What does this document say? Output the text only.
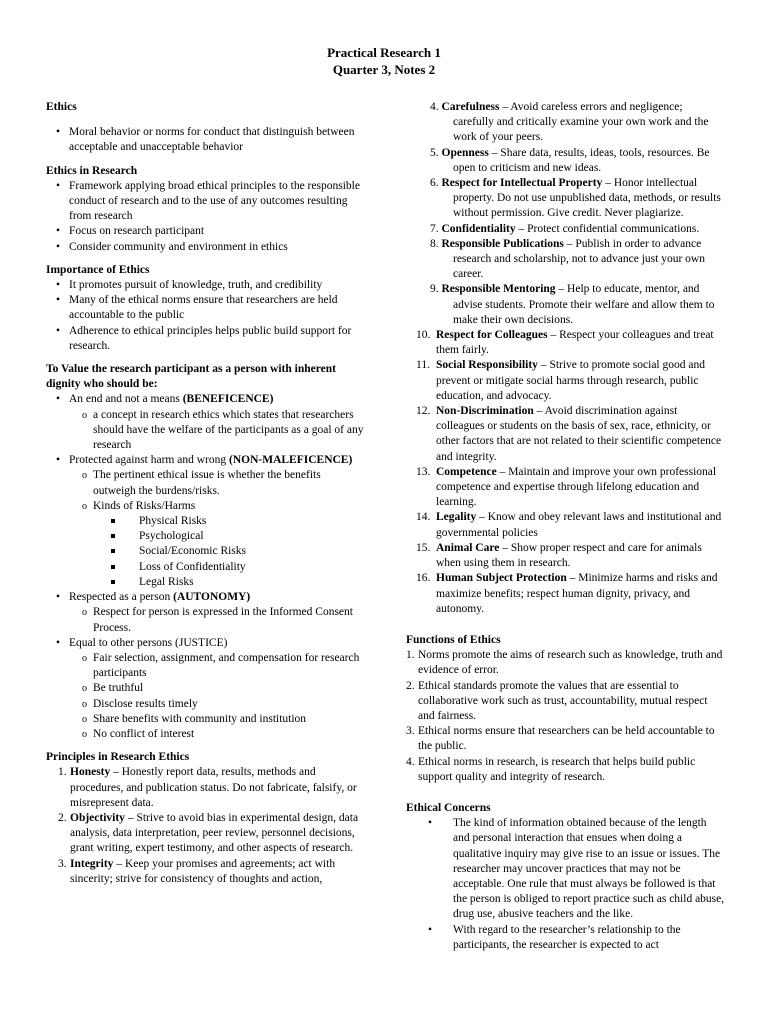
Practical Research 1
Quarter 3, Notes 2
Ethics
• Moral behavior or norms for conduct that distinguish between acceptable and unacceptable behavior
Ethics in Research
• Framework applying broad ethical principles to the responsible conduct of research and to the use of any outcomes resulting from research
• Focus on research participant
• Consider community and environment in ethics
Importance of Ethics
• It promotes pursuit of knowledge, truth, and credibility
• Many of the ethical norms ensure that researchers are held accountable to the public
• Adherence to ethical principles helps public build support for research.
To Value the research participant as a person with inherent dignity who should be:
• An end and not a means (BENEFICENCE)
o a concept in research ethics which states that researchers should have the welfare of the participants as a goal of any research
• Protected against harm and wrong (NON-MALEFICENCE)
o The pertinent ethical issue is whether the benefits outweigh the burdens/risks.
o Kinds of Risks/Harms
Physical Risks
Psychological
Social/Economic Risks
Loss of Confidentiality
Legal Risks
• Respected as a person (AUTONOMY)
o Respect for person is expressed in the Informed Consent Process.
• Equal to other persons (JUSTICE)
o Fair selection, assignment, and compensation for research participants
o Be truthful
o Disclose results timely
o Share benefits with community and institution
o No conflict of interest
Principles in Research Ethics
1. Honesty – Honestly report data, results, methods and procedures, and publication status. Do not fabricate, falsify, or misrepresent data.
2. Objectivity – Strive to avoid bias in experimental design, data analysis, data interpretation, peer review, personnel decisions, grant writing, expert testimony, and other aspects of research.
3. Integrity – Keep your promises and agreements; act with sincerity; strive for consistency of thoughts and action,
4. Carefulness – Avoid careless errors and negligence; carefully and critically examine your own work and the work of your peers.
5. Openness – Share data, results, ideas, tools, resources. Be open to criticism and new ideas.
6. Respect for Intellectual Property – Honor intellectual property. Do not use unpublished data, methods, or results without permission. Give credit. Never plagiarize.
7. Confidentiality – Protect confidential communications.
8. Responsible Publications – Publish in order to advance research and scholarship, not to advance just your own career.
9. Responsible Mentoring – Help to educate, mentor, and advise students. Promote their welfare and allow them to make their own decisions.
10. Respect for Colleagues – Respect your colleagues and treat them fairly.
11. Social Responsibility – Strive to promote social good and prevent or mitigate social harms through research, public education, and advocacy.
12. Non-Discrimination – Avoid discrimination against colleagues or students on the basis of sex, race, ethnicity, or other factors that are not related to their scientific competence and integrity.
13. Competence – Maintain and improve your own professional competence and expertise through lifelong education and learning.
14. Legality – Know and obey relevant laws and institutional and governmental policies
15. Animal Care – Show proper respect and care for animals when using them in research.
16. Human Subject Protection – Minimize harms and risks and maximize benefits; respect human dignity, privacy, and autonomy.
Functions of Ethics
1. Norms promote the aims of research such as knowledge, truth and evidence of error.
2. Ethical standards promote the values that are essential to collaborative work such as trust, accountability, mutual respect and fairness.
3. Ethical norms ensure that researchers can be held accountable to the public.
4. Ethical norms in research, is research that helps build public support quality and integrity of research.
Ethical Concerns
• The kind of information obtained because of the length and personal interaction that ensues when doing a qualitative inquiry may give rise to an issue or issues. The researcher may uncover practices that may not be acceptable. One rule that must always be followed is that the person is obliged to report practice such as child abuse, drug use, abusive teachers and the like.
• With regard to the researcher’s relationship to the participants, the researcher is expected to act
